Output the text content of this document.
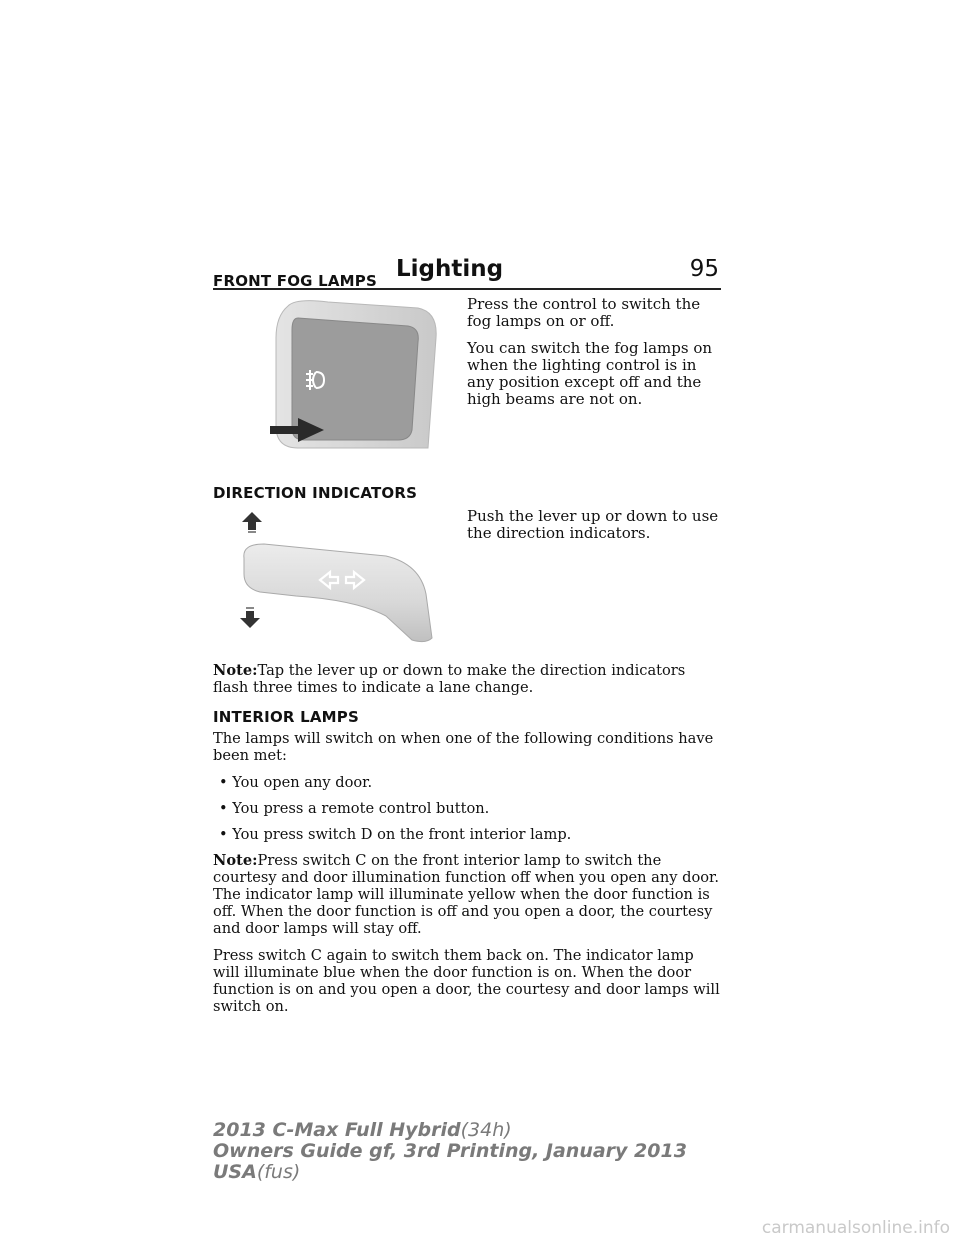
Lighting	95
FRONT FOG LAMPS

Press the control to switch the fog lamps on or off.

You can switch the fog lamps on when the lighting control is in any position except off and the high beams are not on.

DIRECTION INDICATORS

Push the lever up or down to use the direction indicators.

Note:Tap the lever up or down to make the direction indicators flash three times to indicate a lane change.

INTERIOR LAMPS

The lamps will switch on when one of the following conditions have been met:

• You open any door.

• You press a remote control button.

• You press switch D on the front interior lamp.

Note:Press switch C on the front interior lamp to switch the courtesy and door illumination function off when you open any door. The indicator lamp will illuminate yellow when the door function is off. When the door function is off and you open a door, the courtesy and door lamps will stay off.

Press switch C again to switch them back on. The indicator lamp will illuminate blue when the door function is on. When the door function is on and you open a door, the courtesy and door lamps will switch on.

2013 C-Max Full Hybrid(34h)
Owners Guide gf, 3rd Printing, January 2013
USA(fus)
carmanualsonline.info
